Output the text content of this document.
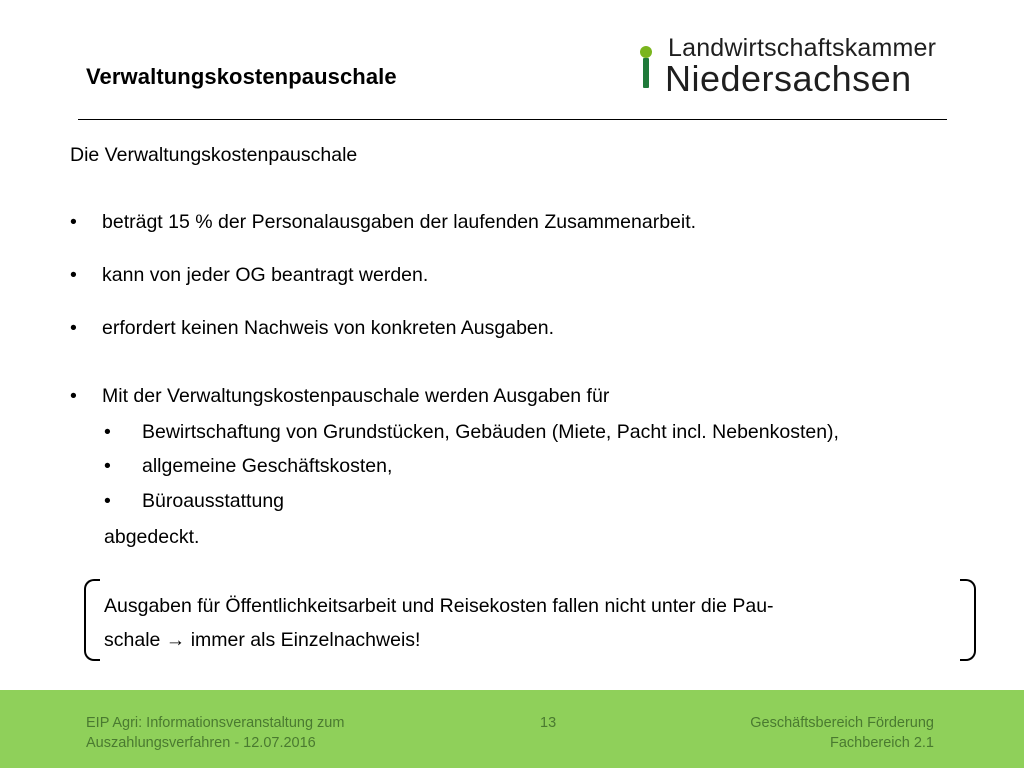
Verwaltungskostenpauschale
Landwirtschaftskammer
Niedersachsen
Die Verwaltungskostenpauschale
• beträgt 15 % der Personalausgaben der laufenden Zusammenarbeit.
• kann von jeder OG beantragt werden.
• erfordert keinen Nachweis von konkreten Ausgaben.
• Mit der Verwaltungskostenpauschale werden Ausgaben für
• Bewirtschaftung von Grundstücken, Gebäuden (Miete, Pacht incl. Nebenkosten),
• allgemeine Geschäftskosten,
• Büroausstattung
abgedeckt.
Ausgaben für Öffentlichkeitsarbeit und Reisekosten fallen nicht unter die Pau-
schale → immer als Einzelnachweis!
EIP Agri: Informationsveranstaltung zum
Auszahlungsverfahren - 12.07.2016
13	Geschäftsbereich Förderung
Fachbereich 2.1
